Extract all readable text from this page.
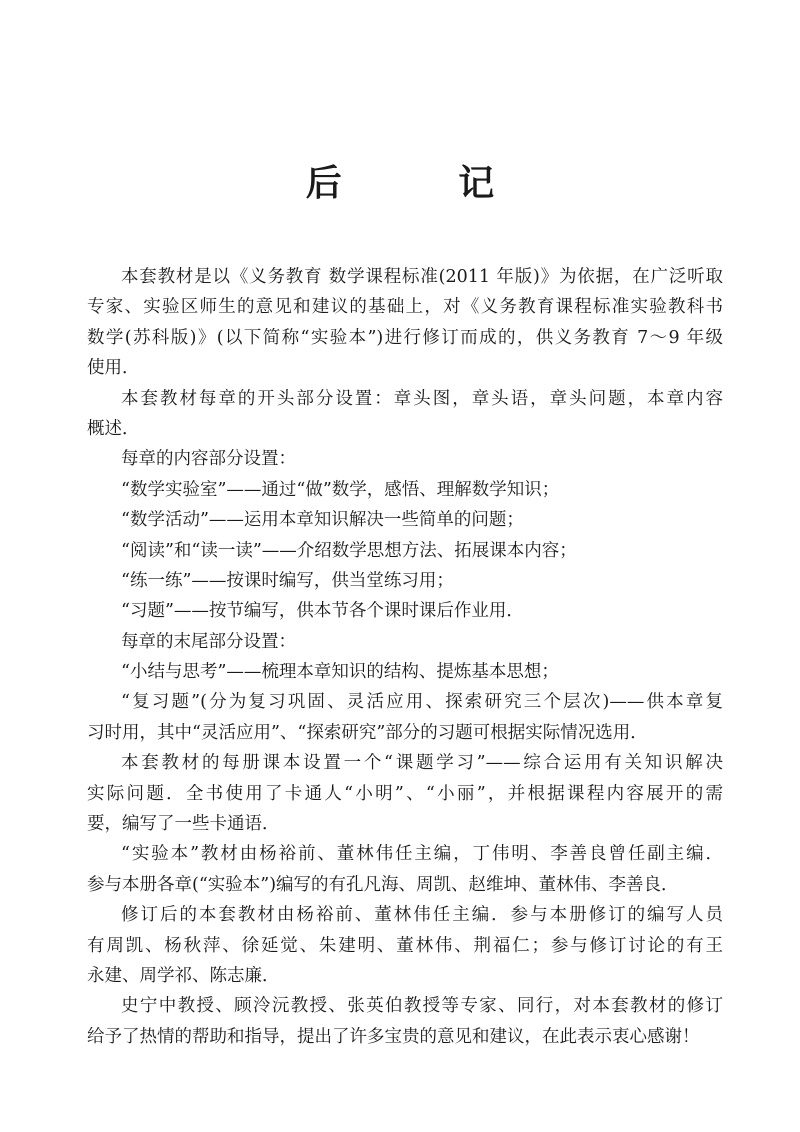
后 记
本套教材是以《义务教育 数学课程标准(2011 年版)》为依据，在广泛听取
专家、实验区师生的意见和建议的基础上，对《义务教育课程标准实验教科书
数学(苏科版)》(以下简称“实验本”)进行修订而成的，供义务教育 7～9 年级
使用．
本套教材每章的开头部分设置：章头图，章头语，章头问题，本章内容
概述．
每章的内容部分设置：
“数学实验室”——通过“做”数学，感悟、理解数学知识；
“数学活动”——运用本章知识解决一些简单的问题；
“阅读”和“读一读”——介绍数学思想方法、拓展课本内容；
“练一练”——按课时编写，供当堂练习用；
“习题”——按节编写，供本节各个课时课后作业用．
每章的末尾部分设置：
“小结与思考”——梳理本章知识的结构、提炼基本思想；
“复习题”(分为复习巩固、灵活应用、探索研究三个层次)——供本章复
习时用，其中“灵活应用”、“探索研究”部分的习题可根据实际情况选用．
本套教材的每册课本设置一个“课题学习”——综合运用有关知识解决
实际问题．全书使用了卡通人“小明”、“小丽”，并根据课程内容展开的需
要，编写了一些卡通语．
“实验本”教材由杨裕前、董林伟任主编，丁伟明、李善良曾任副主编．
参与本册各章(“实验本”)编写的有孔凡海、周凯、赵维坤、董林伟、李善良．
修订后的本套教材由杨裕前、董林伟任主编．参与本册修订的编写人员
有周凯、杨秋萍、徐延觉、朱建明、董林伟、荆福仁；参与修订讨论的有王
永建、周学祁、陈志廉．
史宁中教授、顾泠沅教授、张英伯教授等专家、同行，对本套教材的修订
给予了热情的帮助和指导，提出了许多宝贵的意见和建议，在此表示衷心感谢！
